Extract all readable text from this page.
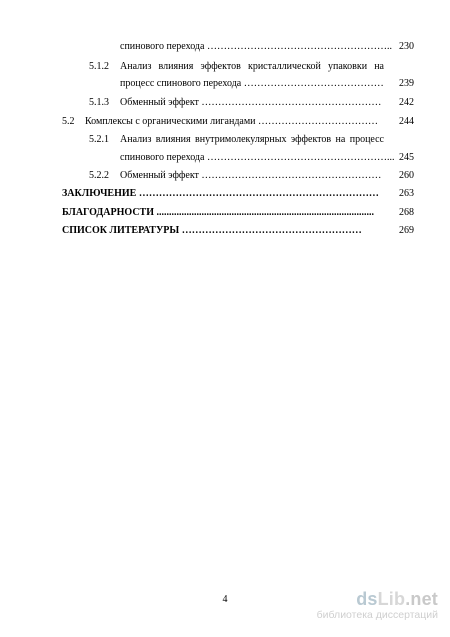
спинового перехода ……………………………………………….. 230
5.1.2 Анализ влияния эффектов кристаллической упаковки на
процесс спинового перехода …………………………………… 239
5.1.3 Обменный эффект ……………………………………………… 242
5.2 Комплексы с органическими лигандами ……………………………… 244
5.2.1 Анализ влияния внутримолекулярных эффектов на процесс
спинового перехода ………………………………………………... 245
5.2.2 Обменный эффект ……………………………………………… 260
ЗАКЛЮЧЕНИЕ ……………………………………………………………… 263
БЛАГОДАРНОСТИ .......................................................................................	268
СПИСОК ЛИТЕРАТУРЫ ………………………………………………	269
4	dsLib.net
библиотека диссертаций
